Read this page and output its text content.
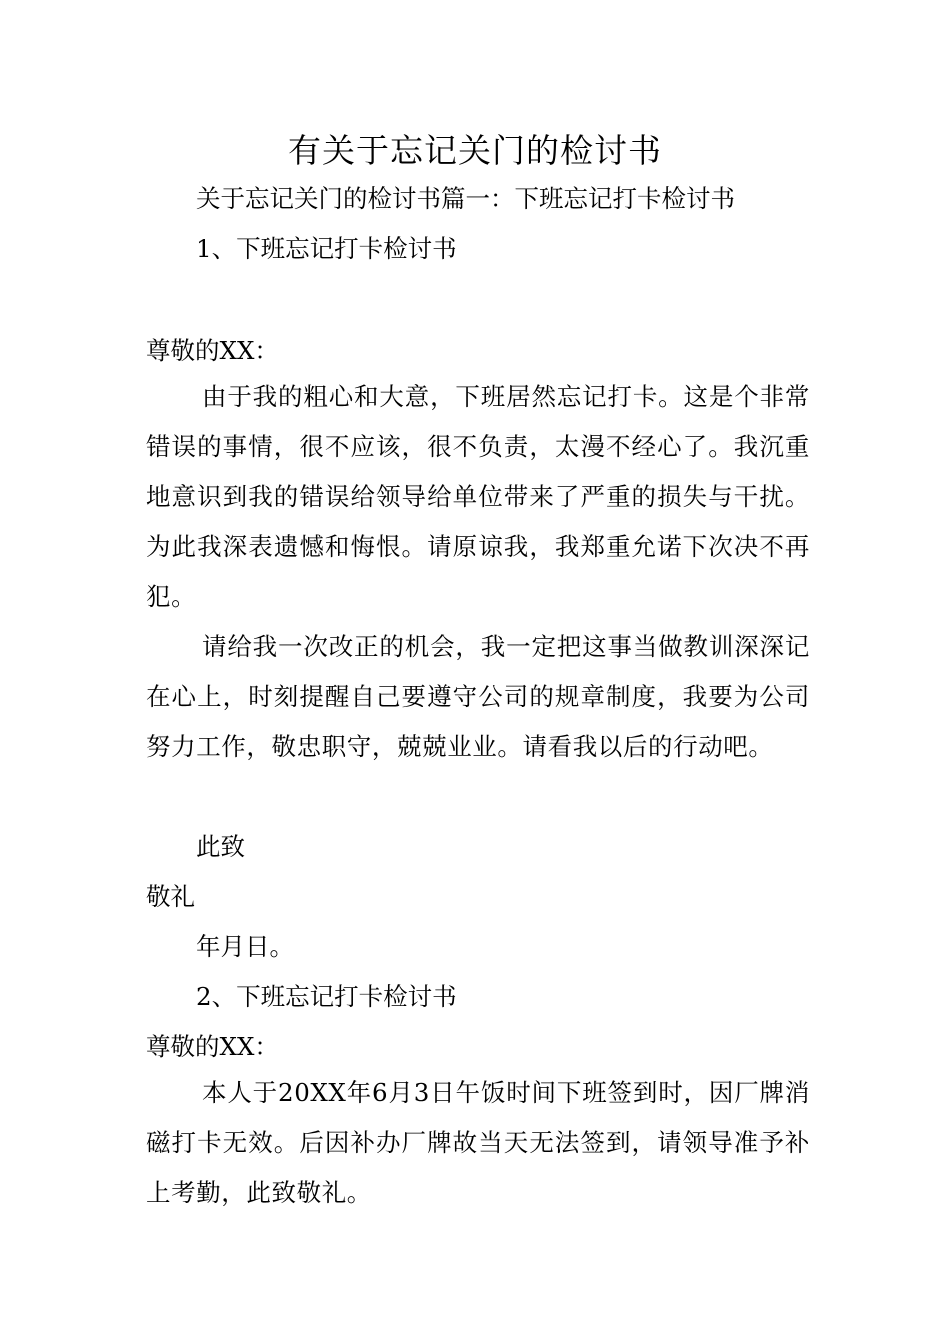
有关于忘记关门的检讨书
关于忘记关门的检讨书篇一：下班忘记打卡检讨书
1、下班忘记打卡检讨书
尊敬的XX：
由于我的粗心和大意，下班居然忘记打卡。这是个非常错误的事情，很不应该，很不负责，太漫不经心了。我沉重地意识到我的错误给领导给单位带来了严重的损失与干扰。为此我深表遗憾和悔恨。请原谅我，我郑重允诺下次决不再犯。
请给我一次改正的机会，我一定把这事当做教训深深记在心上，时刻提醒自己要遵守公司的规章制度，我要为公司努力工作，敬忠职守，兢兢业业。请看我以后的行动吧。
此致
敬礼
年月日。
2、下班忘记打卡检讨书
尊敬的XX：
本人于20XX年6月3日午饭时间下班签到时，因厂牌消磁打卡无效。后因补办厂牌故当天无法签到，请领导准予补上考勤，此致敬礼。
